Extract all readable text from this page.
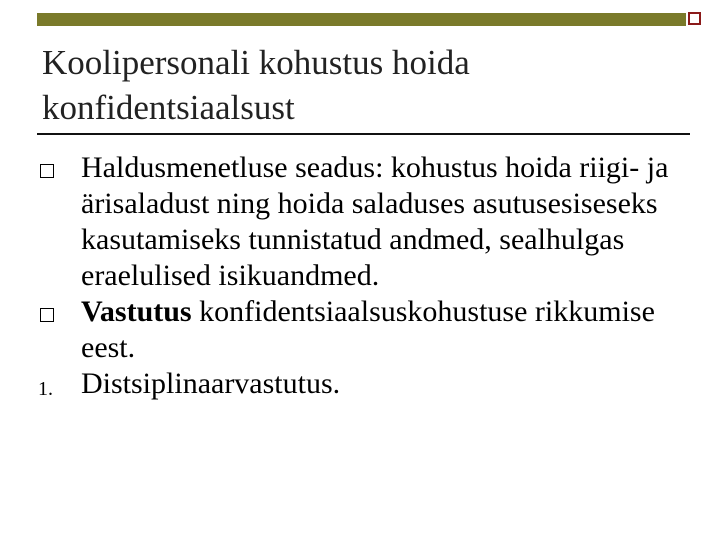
Koolipersonali kohustus hoida konfidentsiaalsust
Haldusmenetluse seadus: kohustus hoida riigi- ja ärisaladust ning hoida saladuses asutusesiseseks kasutamiseks tunnistatud andmed, sealhulgas eraelulised isikuandmed.
Vastutus konfidentsiaalsuskohustuse rikkumise eest.
1. Distsiplinaarvastutus.
